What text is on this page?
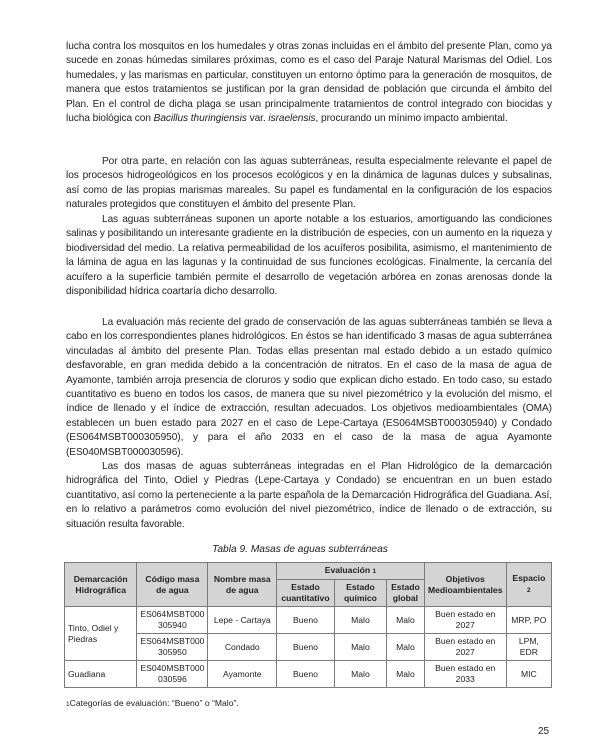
lucha contra los mosquitos en los humedales y otras zonas incluidas en el ámbito del presente Plan, como ya sucede en zonas húmedas similares próximas, como es el caso del Paraje Natural Marismas del Odiel. Los humedales, y las marismas en particular, constituyen un entorno óptimo para la generación de mosquitos, de manera que estos tratamientos se justifican por la gran densidad de población que circunda el ámbito del Plan. En el control de dicha plaga se usan principalmente tratamientos de control integrado con biocidas y lucha biológica con Bacillus thuringiensis var. israelensis, procurando un mínimo impacto ambiental.

Por otra parte, en relación con las aguas subterráneas, resulta especialmente relevante el papel de los procesos hidrogeológicos en los procesos ecológicos y en la dinámica de lagunas dulces y subsalinas, así como de las propias marismas mareales. Su papel es fundamental en la configuración de los espacios naturales protegidos que constituyen el ámbito del presente Plan.

Las aguas subterráneas suponen un aporte notable a los estuarios, amortiguando las condiciones salinas y posibilitando un interesante gradiente en la distribución de especies, con un aumento en la riqueza y biodiversidad del medio. La relativa permeabilidad de los acuíferos posibilita, asimismo, el mantenimiento de la lámina de agua en las lagunas y la continuidad de sus funciones ecológicas. Finalmente, la cercanía del acuífero a la superficie también permite el desarrollo de vegetación arbórea en zonas arenosas donde la disponibilidad hídrica coartaría dicho desarrollo.

La evaluación más reciente del grado de conservación de las aguas subterráneas también se lleva a cabo en los correspondientes planes hidrológicos. En éstos se han identificado 3 masas de agua subterránea vinculadas al ámbito del presente Plan. Todas ellas presentan mal estado debido a un estado químico desfavorable, en gran medida debido a la concentración de nitratos. En el caso de la masa de agua de Ayamonte, también arroja presencia de cloruros y sodio que explican dicho estado. En todo caso, su estado cuantitativo es bueno en todos los casos, de manera que su nivel piezométrico y la evolución del mismo, el índice de llenado y el índice de extracción, resultan adecuados. Los objetivos medioambientales (OMA) establecen un buen estado para 2027 en el caso de Lepe-Cartaya (ES064MSBT000305940) y Condado (ES064MSBT000305950), y para el año 2033 en el caso de la masa de agua Ayamonte (ES040MSBT000030596).

Las dos masas de aguas subterráneas integradas en el Plan Hidrológico de la demarcación hidrográfica del Tinto, Odiel y Piedras (Lepe-Cartaya y Condado) se encuentran en un buen estado cuantitativo, así como la perteneciente a la parte española de la Demarcación Hidrográfica del Guadiana. Así, en lo relativo a parámetros como evolución del nivel piezométrico, índice de llenado o de extracción, su situación resulta favorable.

Tabla 9. Masas de aguas subterráneas
Demarcación Hidrográfica	Código masa de agua	Nombre masa de agua	Evaluación 1			Objetivos Medioambientales	Espacio 2
			Estado cuantitativo	Estado químico	Estado global		
Tinto, Odiel y Piedras	ES064MSBT000 305940	Lepe - Cartaya	Bueno	Malo	Malo	Buen estado en 2027	MRP, PO
	ES064MSBT000 305950	Condado	Bueno	Malo	Malo	Buen estado en 2027	LPM, EDR
Guadiana	ES040MSBT000 030596	Ayamonte	Bueno	Malo	Malo	Buen estado en 2033	MIC
1Categorías de evaluación: “Bueno” o “Malo”.
25
